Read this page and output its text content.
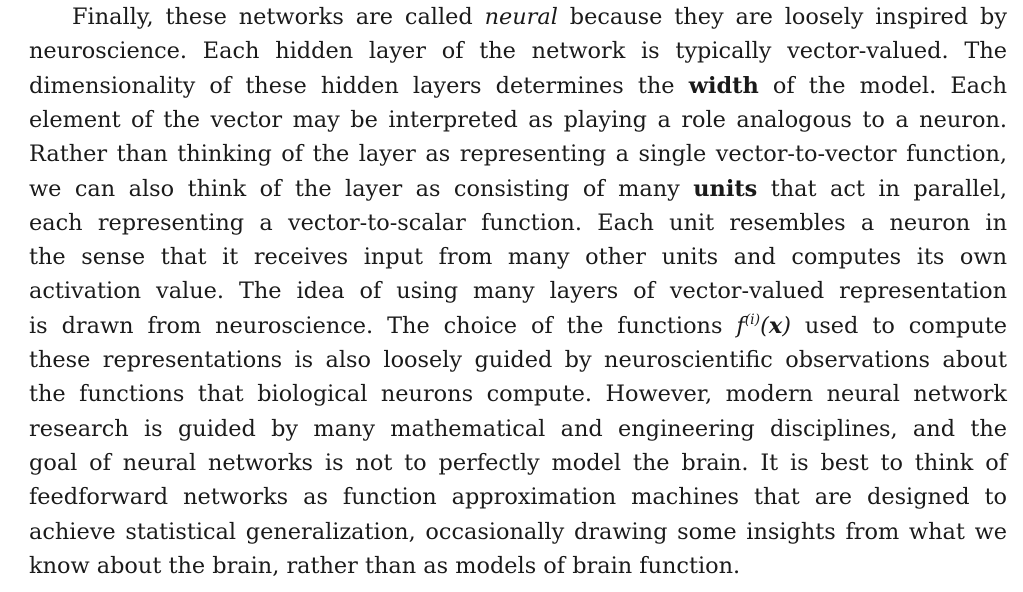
Finally, these networks are called neural because they are loosely inspired by
neuroscience. Each hidden layer of the network is typically vector-valued. The
dimensionality of these hidden layers determines the width of the model. Each
element of the vector may be interpreted as playing a role analogous to a neuron.
Rather than thinking of the layer as representing a single vector-to-vector function,
we can also think of the layer as consisting of many units that act in parallel,
each representing a vector-to-scalar function. Each unit resembles a neuron in
the sense that it receives input from many other units and computes its own
activation value. The idea of using many layers of vector-valued representation
is drawn from neuroscience. The choice of the functions $f^{(i)}(x)$ used to compute
these representations is also loosely guided by neuroscientific observations about
the functions that biological neurons compute. However, modern neural network
research is guided by many mathematical and engineering disciplines, and the
goal of neural networks is not to perfectly model the brain. It is best to think of
feedforward networks as function approximation machines that are designed to
achieve statistical generalization, occasionally drawing some insights from what we
know about the brain, rather than as models of brain function.
